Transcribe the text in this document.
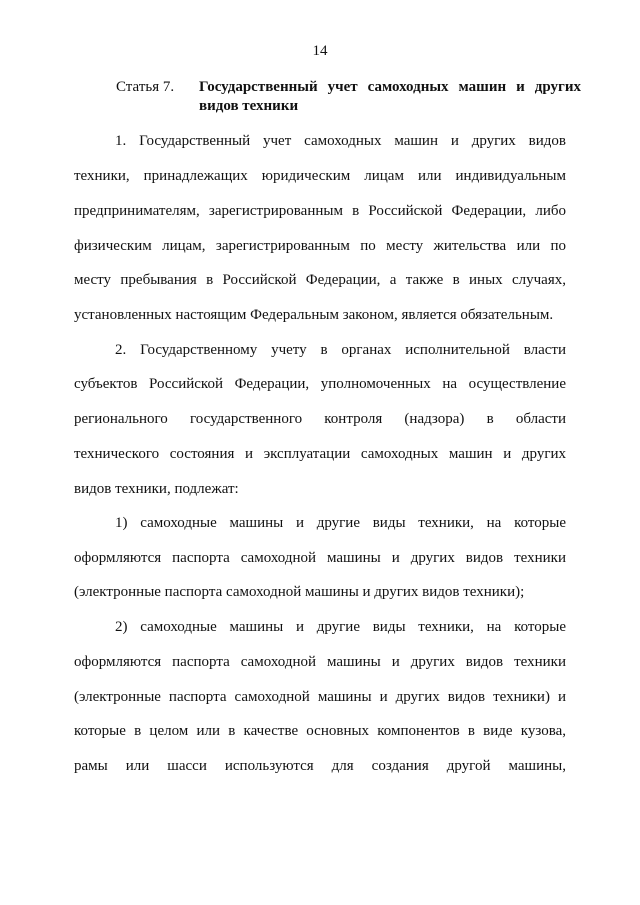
14
Статья 7. Государственный учет самоходных машин и других видов техники
1. Государственный учет самоходных машин и других видов
техники, принадлежащих юридическим лицам или индивидуальным
предпринимателям, зарегистрированным в Российской Федерации, либо
физическим лицам, зарегистрированным по месту жительства или по
месту пребывания в Российской Федерации, а также в иных случаях,
установленных настоящим Федеральным законом, является обязательным.
2. Государственному учету в органах исполнительной власти
субъектов Российской Федерации, уполномоченных на осуществление
регионального государственного контроля (надзора) в области
технического состояния и эксплуатации самоходных машин и других
видов техники, подлежат:
1) самоходные машины и другие виды техники, на которые
оформляются паспорта самоходной машины и других видов техники
(электронные паспорта самоходной машины и других видов техники);
2) самоходные машины и другие виды техники, на которые
оформляются паспорта самоходной машины и других видов техники
(электронные паспорта самоходной машины и других видов техники) и
которые в целом или в качестве основных компонентов в виде кузова,
рамы или шасси используются для создания другой машины,
